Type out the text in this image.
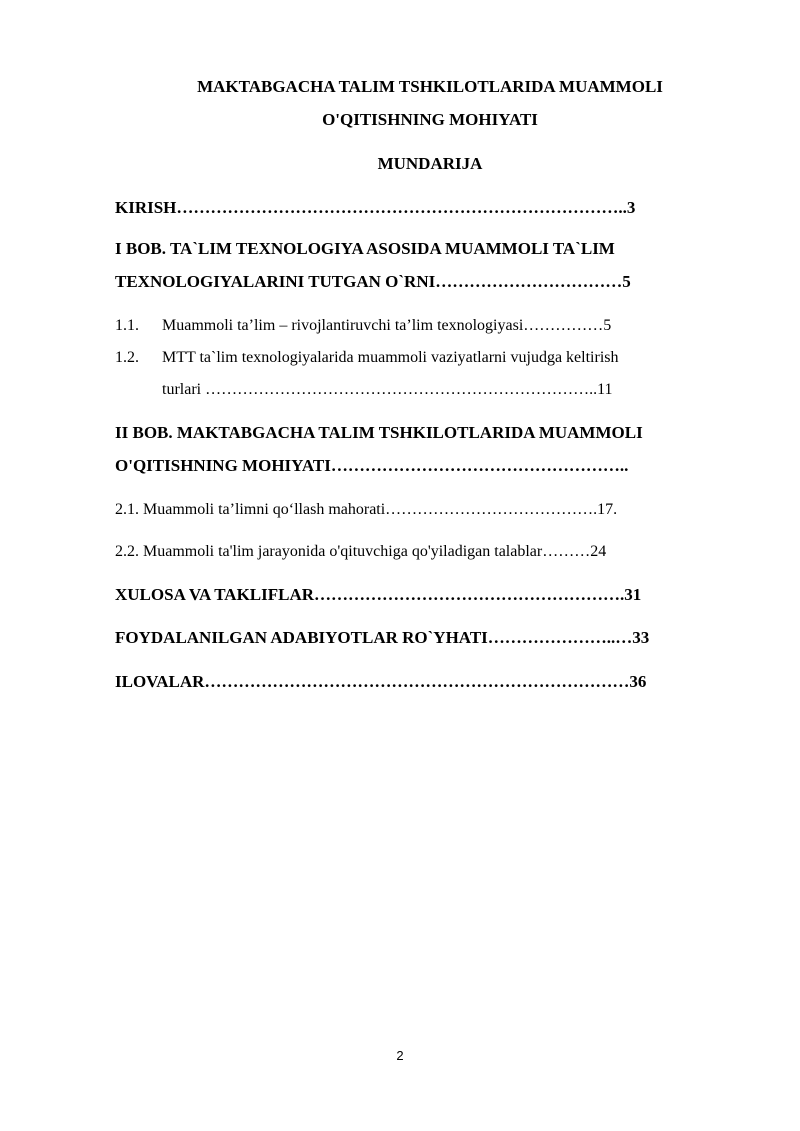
MAKTABGACHA TALIM TSHKILOTLARIDA MUAMMOLI
O'QITISHNING MOHIYATI
MUNDARIJA
KIRISH……………………………………………………………………..3
I BOB. TA`LIM TEXNOLOGIYA ASOSIDA MUAMMOLI TA`LIM
TEXNOLOGIYALARINI TUTGAN O`RNI……………………………5
1.1. Muammoli ta’lim – rivojlantiruvchi ta’lim texnologiyasi……………5
1.2. MTT ta`lim texnologiyalarida muammoli vaziyatlarni vujudga keltirish
turlari ………………………………………………………………..11
II BOB. MAKTABGACHA TALIM TSHKILOTLARIDA MUAMMOLI
O'QITISHNING MOHIYATI……………………………………………..
2.1. Muammoli ta’limni qo‘llash mahorati………………………………….17.
2.2. Muammoli ta'lim jarayonida o'qituvchiga qo'yiladigan talablar………24
XULOSA VA TAKLIFLAR……………………………………………….31
FOYDALANILGAN ADABIYOTLAR RO`YHATI…………………..…33
ILOVALAR…………………………………………………………………36
2
